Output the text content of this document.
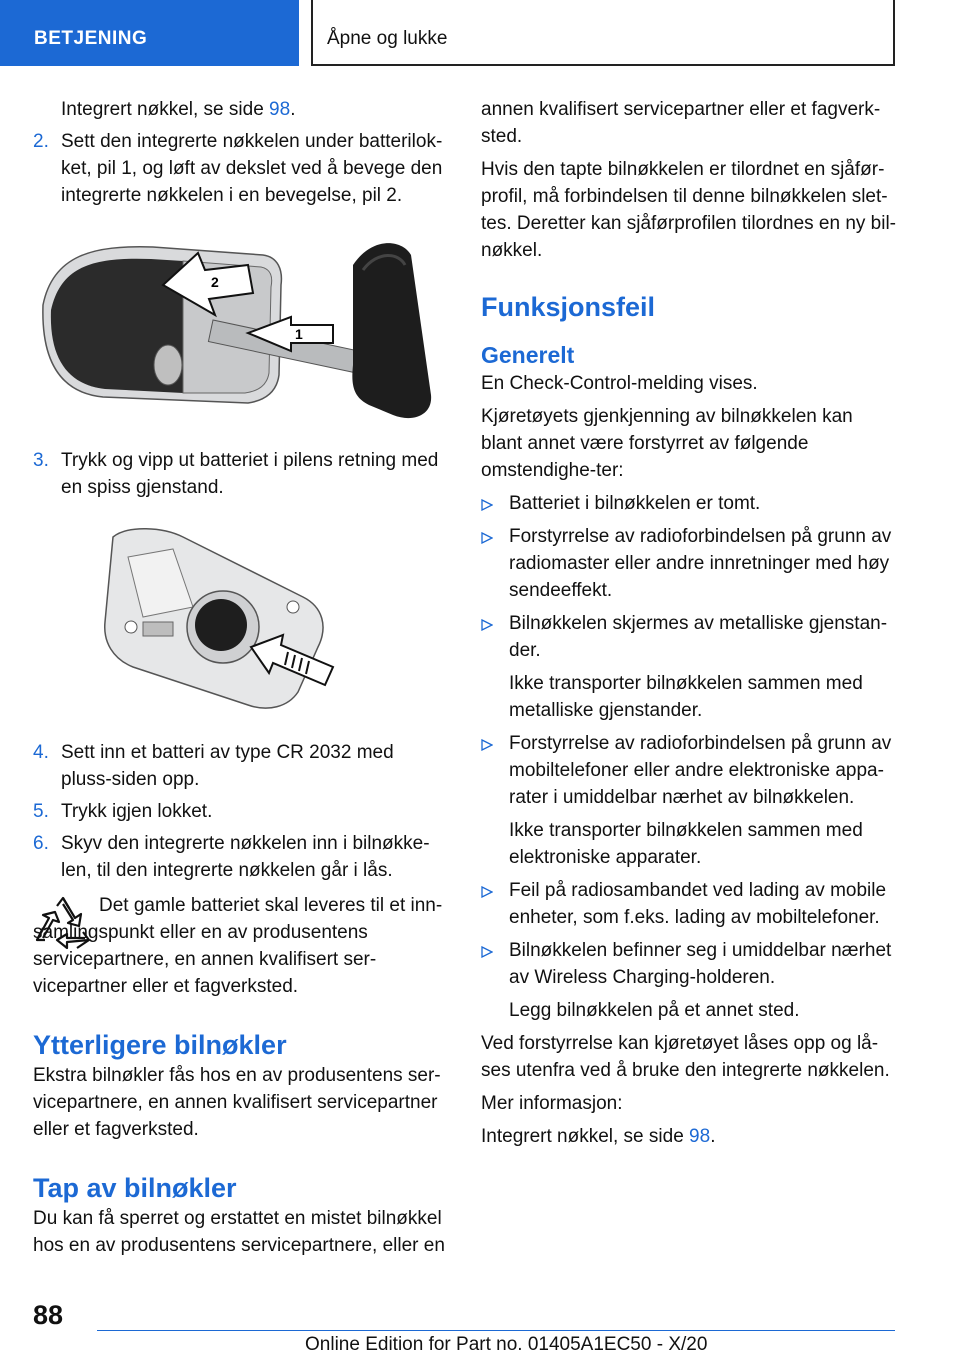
BETJENING	Åpne og lukke

Integrert nøkkel, se side 98.

2. Sett den integrerte nøkkelen under batterilok-ket, pil 1, og løft av dekslet ved å bevege den integrerte nøkkelen i en bevegelse, pil 2.
2
1
3. Trykk og vipp ut batteriet i pilens retning med en spiss gjenstand.
4. Sett inn et batteri av type CR 2032 med pluss-siden opp.
5. Trykk igjen lokket.
6. Skyv den integrerte nøkkelen inn i bilnøkke-len, til den integrerte nøkkelen går i lås.

Det gamle batteriet skal leveres til et inn-samlingspunkt eller en av produsentens servicepartnere, en annen kvalifisert ser-vicepartner eller et fagverksted.

Ytterligere bilnøkler

Ekstra bilnøkler fås hos en av produsentens ser-vicepartnere, en annen kvalifisert servicepartner eller et fagverksted.

Tap av bilnøkler

Du kan få sperret og erstattet en mistet bilnøkkel hos en av produsentens servicepartnere, eller en

annen kvalifisert servicepartner eller et fagverk-sted.

Hvis den tapte bilnøkkelen er tilordnet en sjåfør-profil, må forbindelsen til denne bilnøkkelen slet-tes. Deretter kan sjåførprofilen tilordnes en ny bil-nøkkel.

Funksjonsfeil
Generelt

En Check-Control-melding vises.

Kjøretøyets gjenkjenning av bilnøkkelen kan blant annet være forstyrret av følgende omstendighe-ter:

Batteriet i bilnøkkelen er tomt.
Forstyrrelse av radioforbindelsen på grunn av radiomaster eller andre innretninger med høy sendeeffekt.
Bilnøkkelen skjermes av metalliske gjenstan-der.
Ikke transporter bilnøkkelen sammen med metalliske gjenstander.
Forstyrrelse av radioforbindelsen på grunn av mobiltelefoner eller andre elektroniske appa-rater i umiddelbar nærhet av bilnøkkelen.
Ikke transporter bilnøkkelen sammen med elektroniske apparater.
Feil på radiosambandet ved lading av mobile enheter, som f.eks. lading av mobiltelefoner.
Bilnøkkelen befinner seg i umiddelbar nærhet av Wireless Charging-holderen.
Legg bilnøkkelen på et annet sted.

Ved forstyrrelse kan kjøretøyet låses opp og lå-ses utenfra ved å bruke den integrerte nøkkelen.

Mer informasjon:

Integrert nøkkel, se side 98.

88
Online Edition for Part no. 01405A1EC50 - X/20
